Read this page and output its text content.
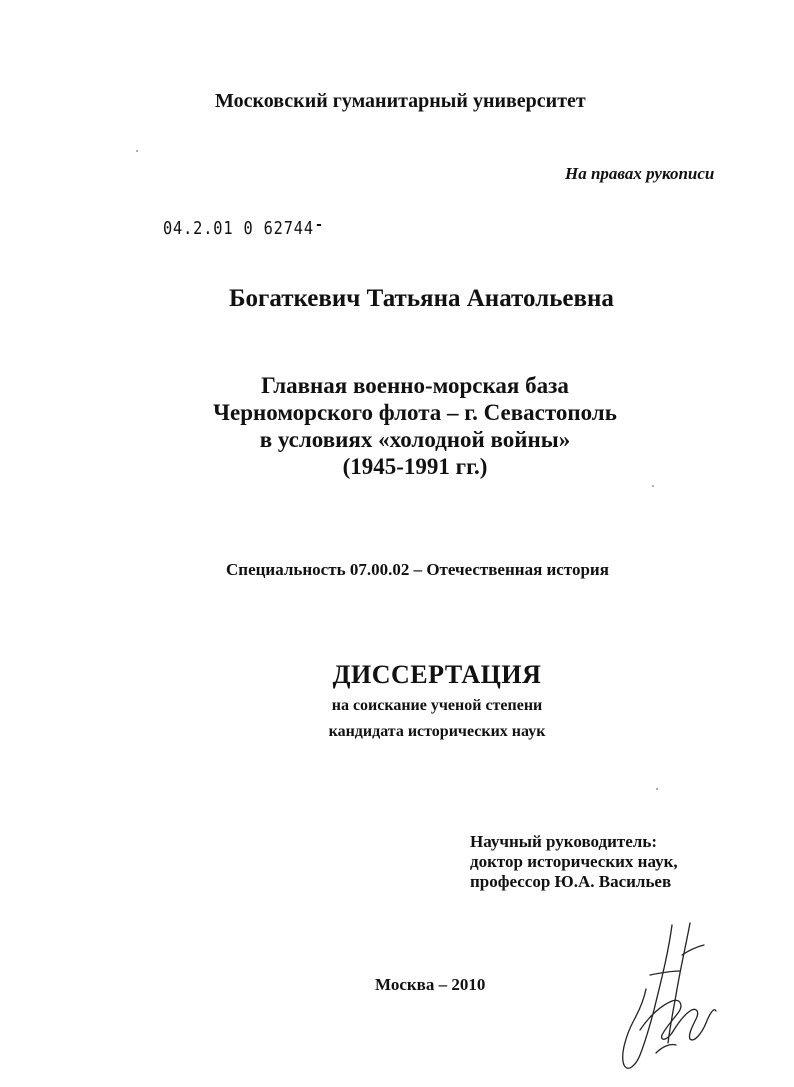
Московский гуманитарный университет
На правах рукописи
04.2.01 0 62744
Богаткевич Татьяна Анатольевна
Главная военно-морская база
Черноморского флота – г. Севастополь
в условиях «холодной войны»
(1945-1991 гг.)
Специальность 07.00.02 – Отечественная история
ДИССЕРТАЦИЯ
на соискание ученой степени
кандидата исторических наук
Научный руководитель:
доктор исторических наук,
профессор Ю.А. Васильев
Москва – 2010
